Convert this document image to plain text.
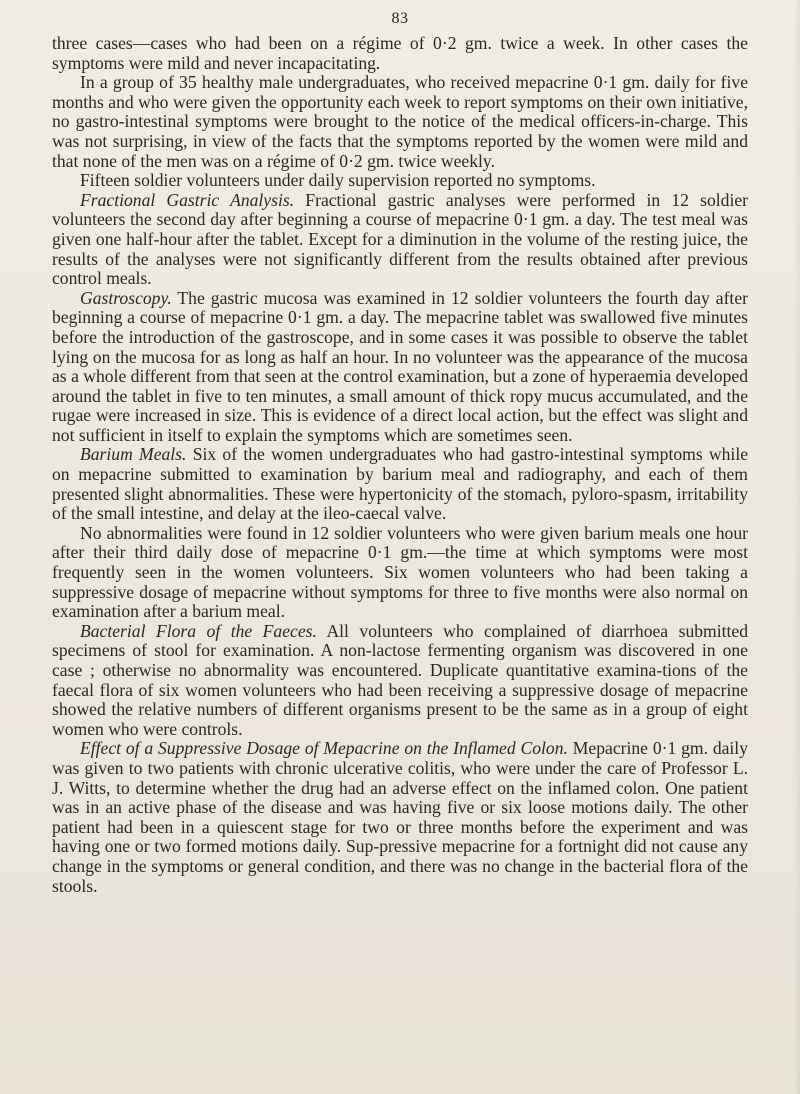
83

three cases—cases who had been on a régime of 0·2 gm. twice a week. In other cases the symptoms were mild and never incapacitating.

In a group of 35 healthy male undergraduates, who received mepacrine 0·1 gm. daily for five months and who were given the opportunity each week to report symptoms on their own initiative, no gastro-intestinal symptoms were brought to the notice of the medical officers-in-charge. This was not surprising, in view of the facts that the symptoms reported by the women were mild and that none of the men was on a régime of 0·2 gm. twice weekly.

Fifteen soldier volunteers under daily supervision reported no symptoms.

Fractional Gastric Analysis. Fractional gastric analyses were performed in 12 soldier volunteers the second day after beginning a course of mepacrine 0·1 gm. a day. The test meal was given one half-hour after the tablet. Except for a diminution in the volume of the resting juice, the results of the analyses were not significantly different from the results obtained after previous control meals.

Gastroscopy. The gastric mucosa was examined in 12 soldier volunteers the fourth day after beginning a course of mepacrine 0·1 gm. a day. The mepacrine tablet was swallowed five minutes before the introduction of the gastroscope, and in some cases it was possible to observe the tablet lying on the mucosa for as long as half an hour. In no volunteer was the appearance of the mucosa as a whole different from that seen at the control examination, but a zone of hyperaemia developed around the tablet in five to ten minutes, a small amount of thick ropy mucus accumulated, and the rugae were increased in size. This is evidence of a direct local action, but the effect was slight and not sufficient in itself to explain the symptoms which are sometimes seen.

Barium Meals. Six of the women undergraduates who had gastro-intestinal symptoms while on mepacrine submitted to examination by barium meal and radiography, and each of them presented slight abnormalities. These were hypertonicity of the stomach, pyloro-spasm, irritability of the small intestine, and delay at the ileo-caecal valve.

No abnormalities were found in 12 soldier volunteers who were given barium meals one hour after their third daily dose of mepacrine 0·1 gm.—the time at which symptoms were most frequently seen in the women volunteers. Six women volunteers who had been taking a suppressive dosage of mepacrine without symptoms for three to five months were also normal on examination after a barium meal.

Bacterial Flora of the Faeces. All volunteers who complained of diarrhoea submitted specimens of stool for examination. A non-lactose fermenting organism was discovered in one case ; otherwise no abnormality was encountered. Duplicate quantitative examina-tions of the faecal flora of six women volunteers who had been receiving a suppressive dosage of mepacrine showed the relative numbers of different organisms present to be the same as in a group of eight women who were controls.

Effect of a Suppressive Dosage of Mepacrine on the Inflamed Colon. Mepacrine 0·1 gm. daily was given to two patients with chronic ulcerative colitis, who were under the care of Professor L. J. Witts, to determine whether the drug had an adverse effect on the inflamed colon. One patient was in an active phase of the disease and was having five or six loose motions daily. The other patient had been in a quiescent stage for two or three months before the experiment and was having one or two formed motions daily. Sup-pressive mepacrine for a fortnight did not cause any change in the symptoms or general condition, and there was no change in the bacterial flora of the stools.
